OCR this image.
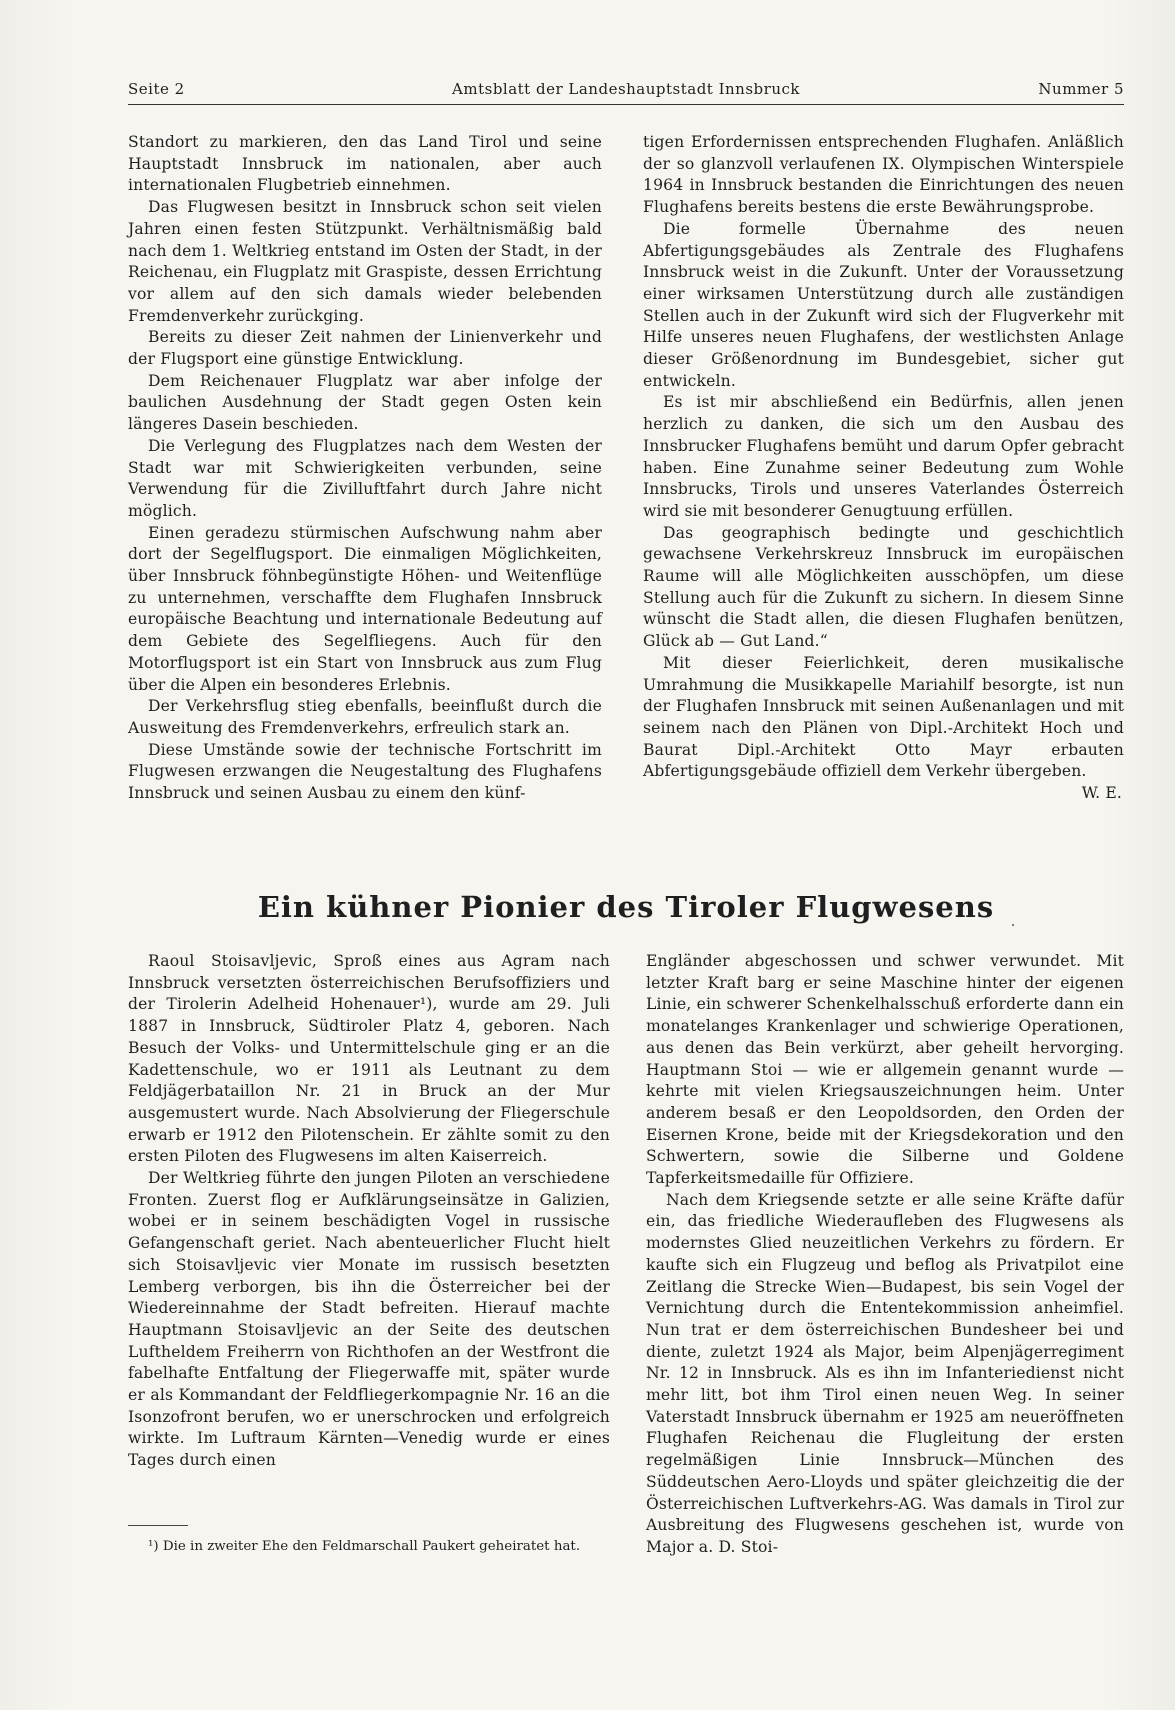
Seite 2	Amtsblatt der Landeshauptstadt Innsbruck	Nummer 5

Standort zu markieren, den das Land Tirol und seine Hauptstadt Innsbruck im nationalen, aber auch internationalen Flugbetrieb einnehmen.

Das Flugwesen besitzt in Innsbruck schon seit vielen Jahren einen festen Stützpunkt. Verhältnismäßig bald nach dem 1. Weltkrieg entstand im Osten der Stadt, in der Reichenau, ein Flugplatz mit Graspiste, dessen Errichtung vor allem auf den sich damals wieder belebenden Fremdenverkehr zurückging.

Bereits zu dieser Zeit nahmen der Linienverkehr und der Flugsport eine günstige Entwicklung.

Dem Reichenauer Flugplatz war aber infolge der baulichen Ausdehnung der Stadt gegen Osten kein längeres Dasein beschieden.

Die Verlegung des Flugplatzes nach dem Westen der Stadt war mit Schwierigkeiten verbunden, seine Verwendung für die Zivilluftfahrt durch Jahre nicht möglich.

Einen geradezu stürmischen Aufschwung nahm aber dort der Segelflugsport. Die einmaligen Möglichkeiten, über Innsbruck föhnbegünstigte Höhen- und Weitenflüge zu unternehmen, verschaffte dem Flughafen Innsbruck europäische Beachtung und internationale Bedeutung auf dem Gebiete des Segelfliegens. Auch für den Motorflugsport ist ein Start von Innsbruck aus zum Flug über die Alpen ein besonderes Erlebnis.

Der Verkehrsflug stieg ebenfalls, beeinflußt durch die Ausweitung des Fremdenverkehrs, erfreulich stark an.

Diese Umstände sowie der technische Fortschritt im Flugwesen erzwangen die Neugestaltung des Flughafens Innsbruck und seinen Ausbau zu einem den künf-

tigen Erfordernissen entsprechenden Flughafen. Anläßlich der so glanzvoll verlaufenen IX. Olympischen Winterspiele 1964 in Innsbruck bestanden die Einrichtungen des neuen Flughafens bereits bestens die erste Bewährungsprobe.

Die formelle Übernahme des neuen Abfertigungsgebäudes als Zentrale des Flughafens Innsbruck weist in die Zukunft. Unter der Voraussetzung einer wirksamen Unterstützung durch alle zuständigen Stellen auch in der Zukunft wird sich der Flugverkehr mit Hilfe unseres neuen Flughafens, der westlichsten Anlage dieser Größenordnung im Bundesgebiet, sicher gut entwickeln.

Es ist mir abschließend ein Bedürfnis, allen jenen herzlich zu danken, die sich um den Ausbau des Innsbrucker Flughafens bemüht und darum Opfer gebracht haben. Eine Zunahme seiner Bedeutung zum Wohle Innsbrucks, Tirols und unseres Vaterlandes Österreich wird sie mit besonderer Genugtuung erfüllen.

Das geographisch bedingte und geschichtlich gewachsene Verkehrskreuz Innsbruck im europäischen Raume will alle Möglichkeiten ausschöpfen, um diese Stellung auch für die Zukunft zu sichern. In diesem Sinne wünscht die Stadt allen, die diesen Flughafen benützen, Glück ab — Gut Land.“

Mit dieser Feierlichkeit, deren musikalische Umrahmung die Musikkapelle Mariahilf besorgte, ist nun der Flughafen Innsbruck mit seinen Außenanlagen und mit seinem nach den Plänen von Dipl.-Architekt Hoch und Baurat Dipl.-Architekt Otto Mayr erbauten Abfertigungsgebäude offiziell dem Verkehr übergeben.

W. E.
Ein kühner Pionier des Tiroler Flugwesens

Raoul Stoisavljevic, Sproß eines aus Agram nach Innsbruck versetzten österreichischen Berufsoffiziers und der Tirolerin Adelheid Hohenauer¹), wurde am 29. Juli 1887 in Innsbruck, Südtiroler Platz 4, geboren. Nach Besuch der Volks- und Untermittelschule ging er an die Kadettenschule, wo er 1911 als Leutnant zu dem Feldjägerbataillon Nr. 21 in Bruck an der Mur ausgemustert wurde. Nach Absolvierung der Fliegerschule erwarb er 1912 den Pilotenschein. Er zählte somit zu den ersten Piloten des Flugwesens im alten Kaiserreich.

Der Weltkrieg führte den jungen Piloten an verschiedene Fronten. Zuerst flog er Aufklärungseinsätze in Galizien, wobei er in seinem beschädigten Vogel in russische Gefangenschaft geriet. Nach abenteuerlicher Flucht hielt sich Stoisavljevic vier Monate im russisch besetzten Lemberg verborgen, bis ihn die Österreicher bei der Wiedereinnahme der Stadt befreiten. Hierauf machte Hauptmann Stoisavljevic an der Seite des deutschen Luftheldem Freiherrn von Richthofen an der Westfront die fabelhafte Entfaltung der Fliegerwaffe mit, später wurde er als Kommandant der Feldfliegerkompagnie Nr. 16 an die Isonzofront berufen, wo er unerschrocken und erfolgreich wirkte. Im Luftraum Kärnten—Venedig wurde er eines Tages durch einen

Engländer abgeschossen und schwer verwundet. Mit letzter Kraft barg er seine Maschine hinter der eigenen Linie, ein schwerer Schenkelhalsschuß erforderte dann ein monatelanges Krankenlager und schwierige Operationen, aus denen das Bein verkürzt, aber geheilt hervorging. Hauptmann Stoi — wie er allgemein genannt wurde — kehrte mit vielen Kriegsauszeichnungen heim. Unter anderem besaß er den Leopoldsorden, den Orden der Eisernen Krone, beide mit der Kriegsdekoration und den Schwertern, sowie die Silberne und Goldene Tapferkeitsmedaille für Offiziere.

Nach dem Kriegsende setzte er alle seine Kräfte dafür ein, das friedliche Wiederaufleben des Flugwesens als modernstes Glied neuzeitlichen Verkehrs zu fördern. Er kaufte sich ein Flugzeug und beflog als Privatpilot eine Zeitlang die Strecke Wien—Budapest, bis sein Vogel der Vernichtung durch die Ententekommission anheimfiel. Nun trat er dem österreichischen Bundesheer bei und diente, zuletzt 1924 als Major, beim Alpenjägerregiment Nr. 12 in Innsbruck. Als es ihn im Infanteriedienst nicht mehr litt, bot ihm Tirol einen neuen Weg. In seiner Vaterstadt Innsbruck übernahm er 1925 am neueröffneten Flughafen Reichenau die Flugleitung der ersten regelmäßigen Linie Innsbruck—München des Süddeutschen Aero-Lloyds und später gleichzeitig die der Österreichischen Luftverkehrs-AG. Was damals in Tirol zur Ausbreitung des Flugwesens geschehen ist, wurde von Major a. D. Stoi-

¹) Die in zweiter Ehe den Feldmarschall Paukert geheiratet hat.
